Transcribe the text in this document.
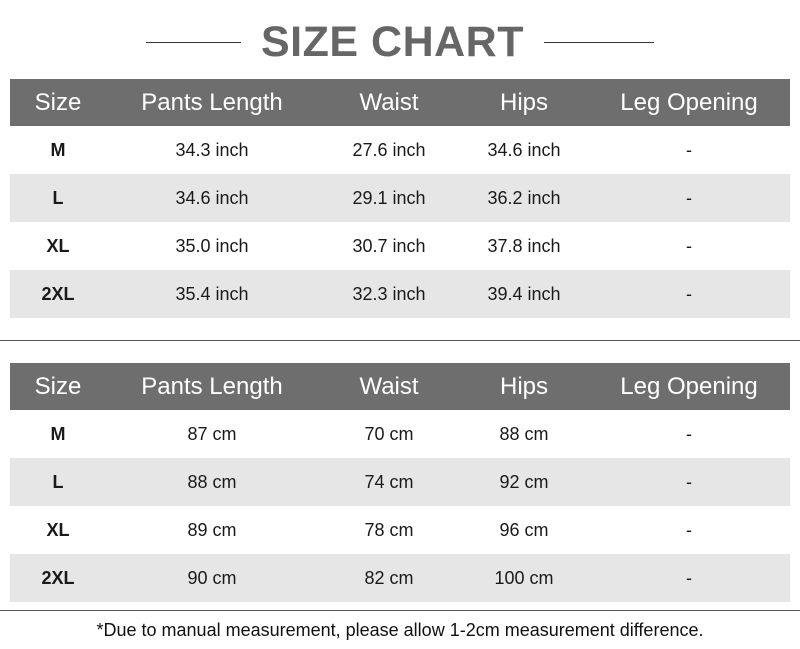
SIZE CHART
Size	Pants Length	Waist	Hips	Leg Opening
M	34.3 inch	27.6 inch	34.6 inch	-
L	34.6 inch	29.1 inch	36.2 inch	-
XL	35.0 inch	30.7 inch	37.8 inch	-
2XL	35.4 inch	32.3 inch	39.4 inch	-
Size	Pants Length	Waist	Hips	Leg Opening
M	87 cm	70 cm	88 cm	-
L	88 cm	74 cm	92 cm	-
XL	89 cm	78 cm	96 cm	-
2XL	90 cm	82 cm	100 cm	-
*Due to manual measurement, please allow 1-2cm measurement difference.
